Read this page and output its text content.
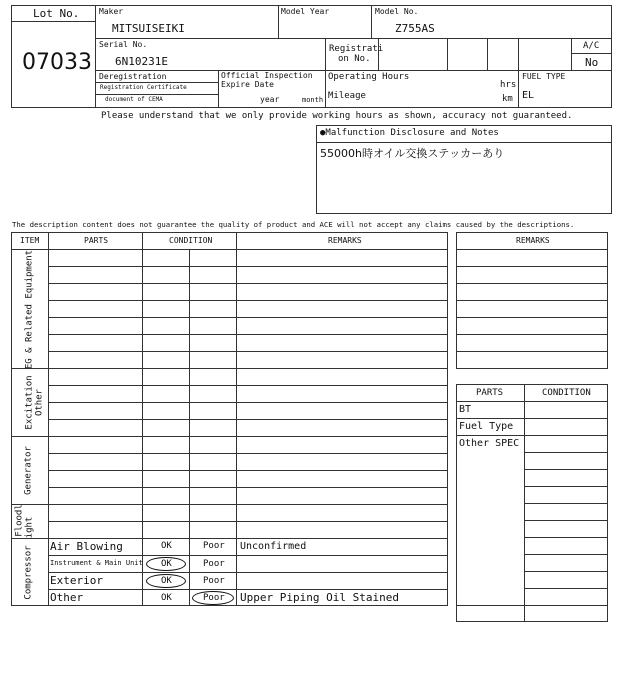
Lot No.
07033
Maker
MITSUISEIKI
Model Year	Model No.
Z755AS
Serial No.
6N10231E
Registrati
on No.
A/C
No
Deregistration
Registration Certificate
document of CEMA
Official Inspection
Expire Date
year	month
Operating Hours
hrs
Mileage	km
FUEL TYPE
EL
Please understand that we only provide working hours as shown, accuracy not guaranteed.
●Malfunction Disclosure and Notes
55000h時オイル交換ステッカーあり
The description content does not guarantee the quality of product and ACE will not accept any claims caused by the descriptions.
ITEM	PARTS	CONDITION	REMARKS
EG & Related Equipment
Excitation Other
Generator
Floodl ight
Compressor Air Blowing	OK	Poor Unconfirmed
Instrument & Main Unit OK	Poor
Exterior	OK	Poor
Other	OK	Poor Upper Piping Oil Stained
REMARKS
PARTS	CONDITION
BT
Fuel Type
Other SPEC
